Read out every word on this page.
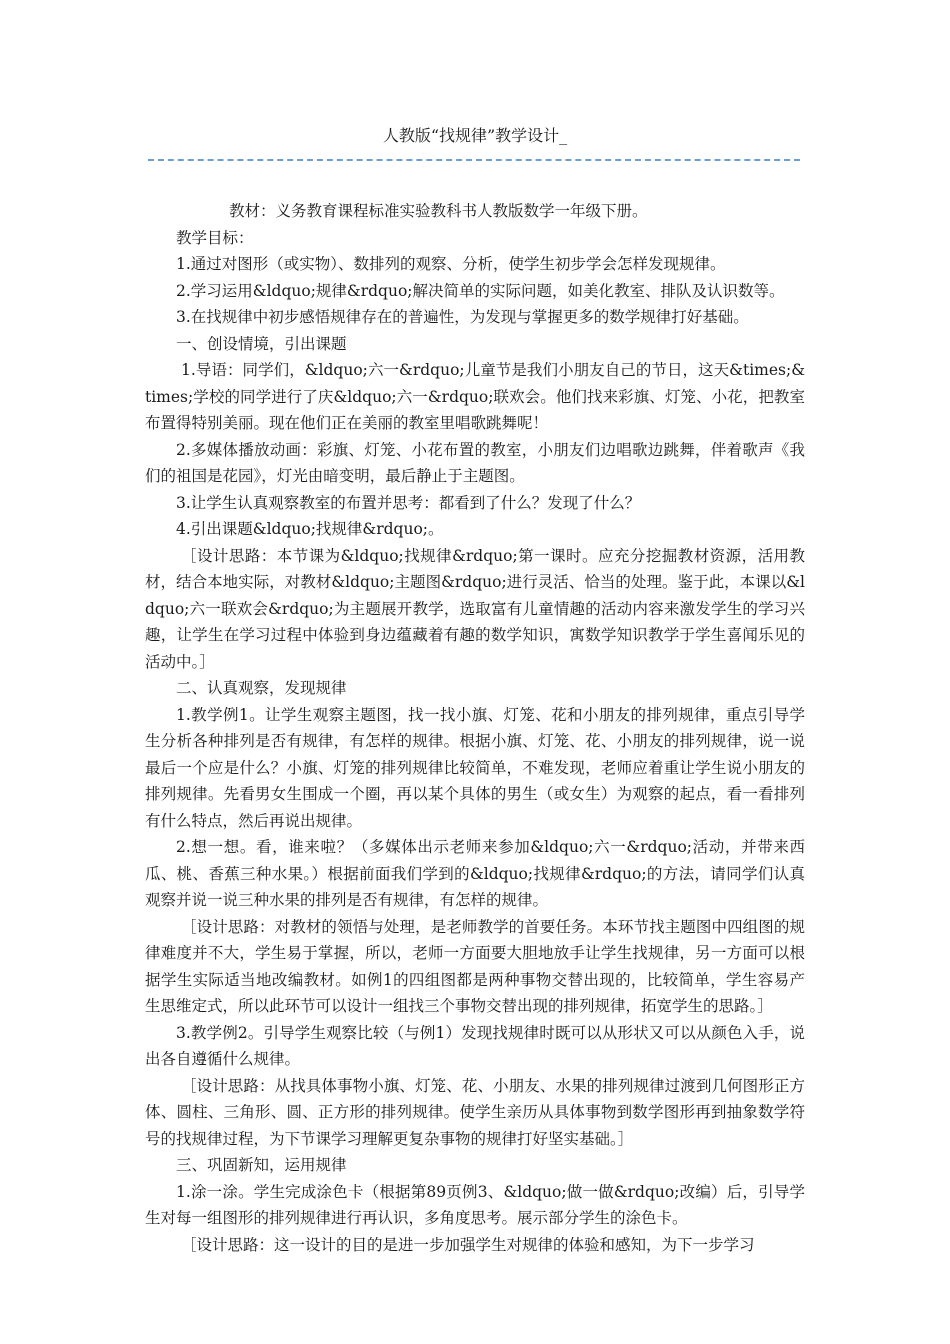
人教版“找规律”教学设计_

教材：义务教育课程标准实验教科书人教版数学一年级下册。

教学目标：

1.通过对图形（或实物）、数排列的观察、分析，使学生初步学会怎样发现规律。

2.学习运用&ldquo;规律&rdquo;解决简单的实际问题，如美化教室、排队及认识数等。

3.在找规律中初步感悟规律存在的普遍性，为发现与掌握更多的数学规律打好基础。

一、创设情境，引出课题

1.导语：同学们，&ldquo;六一&rdquo;儿童节是我们小朋友自己的节日，这天&times;&times;学校的同学进行了庆&ldquo;六一&rdquo;联欢会。他们找来彩旗、灯笼、小花，把教室布置得特别美丽。现在他们正在美丽的教室里唱歌跳舞呢！

2.多媒体播放动画：彩旗、灯笼、小花布置的教室，小朋友们边唱歌边跳舞，伴着歌声《我们的祖国是花园》，灯光由暗变明，最后静止于主题图。

3.让学生认真观察教室的布置并思考：都看到了什么？发现了什么？

4.引出课题&ldquo;找规律&rdquo;。

［设计思路：本节课为&ldquo;找规律&rdquo;第一课时。应充分挖掘教材资源，活用教材，结合本地实际，对教材&ldquo;主题图&rdquo;进行灵活、恰当的处理。鉴于此，本课以&ldquo;六一联欢会&rdquo;为主题展开教学，选取富有儿童情趣的活动内容来激发学生的学习兴趣，让学生在学习过程中体验到身边蕴藏着有趣的数学知识，寓数学知识教学于学生喜闻乐见的活动中。］

二、认真观察，发现规律

1.教学例1。让学生观察主题图，找一找小旗、灯笼、花和小朋友的排列规律，重点引导学生分析各种排列是否有规律，有怎样的规律。根据小旗、灯笼、花、小朋友的排列规律，说一说最后一个应是什么？小旗、灯笼的排列规律比较简单，不难发现，老师应着重让学生说小朋友的排列规律。先看男女生围成一个圈，再以某个具体的男生（或女生）为观察的起点，看一看排列有什么特点，然后再说出规律。

2.想一想。看，谁来啦？（多媒体出示老师来参加&ldquo;六一&rdquo;活动，并带来西瓜、桃、香蕉三种水果。）根据前面我们学到的&ldquo;找规律&rdquo;的方法，请同学们认真观察并说一说三种水果的排列是否有规律，有怎样的规律。

［设计思路：对教材的领悟与处理，是老师教学的首要任务。本环节找主题图中四组图的规律难度并不大，学生易于掌握，所以，老师一方面要大胆地放手让学生找规律，另一方面可以根据学生实际适当地改编教材。如例1的四组图都是两种事物交替出现的，比较简单，学生容易产生思维定式，所以此环节可以设计一组找三个事物交替出现的排列规律，拓宽学生的思路。］

3.教学例2。引导学生观察比较（与例1）发现找规律时既可以从形状又可以从颜色入手，说出各自遵循什么规律。

［设计思路：从找具体事物小旗、灯笼、花、小朋友、水果的排列规律过渡到几何图形正方体、圆柱、三角形、圆、正方形的排列规律。使学生亲历从具体事物到数学图形再到抽象数学符号的找规律过程，为下节课学习理解更复杂事物的规律打好坚实基础。］

三、巩固新知，运用规律

1.涂一涂。学生完成涂色卡（根据第89页例3、&ldquo;做一做&rdquo;改编）后，引导学生对每一组图形的排列规律进行再认识，多角度思考。展示部分学生的涂色卡。

［设计思路：这一设计的目的是进一步加强学生对规律的体验和感知，为下一步学习
